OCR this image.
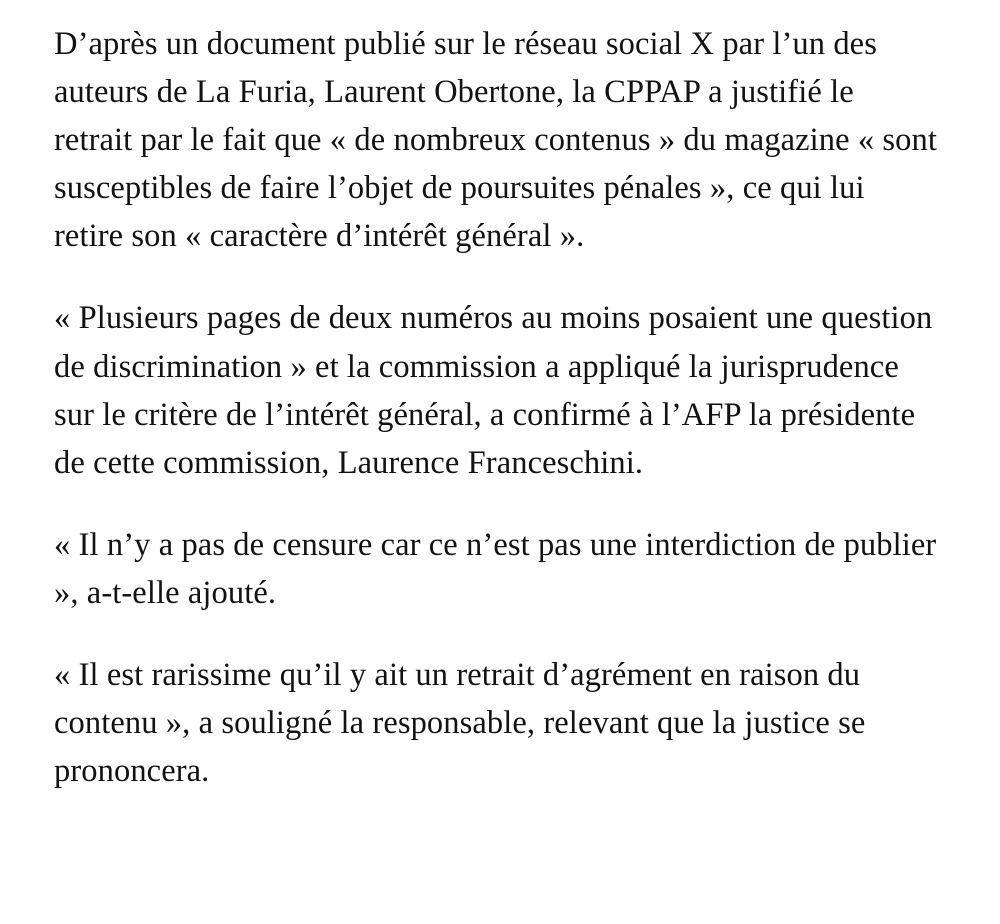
D’après un document publié sur le réseau social X par l’un des auteurs de La Furia, Laurent Obertone, la CPPAP a justifié le retrait par le fait que « de nombreux contenus » du magazine « sont susceptibles de faire l’objet de poursuites pénales », ce qui lui retire son « caractère d’intérêt général ».

« Plusieurs pages de deux numéros au moins posaient une question de discrimination » et la commission a appliqué la jurisprudence sur le critère de l’intérêt général, a confirmé à l’AFP la présidente de cette commission, Laurence Franceschini.

« Il n’y a pas de censure car ce n’est pas une interdiction de publier », a-t-elle ajouté.

« Il est rarissime qu’il y ait un retrait d’agrément en raison du contenu », a souligné la responsable, relevant que la justice se prononcera.
